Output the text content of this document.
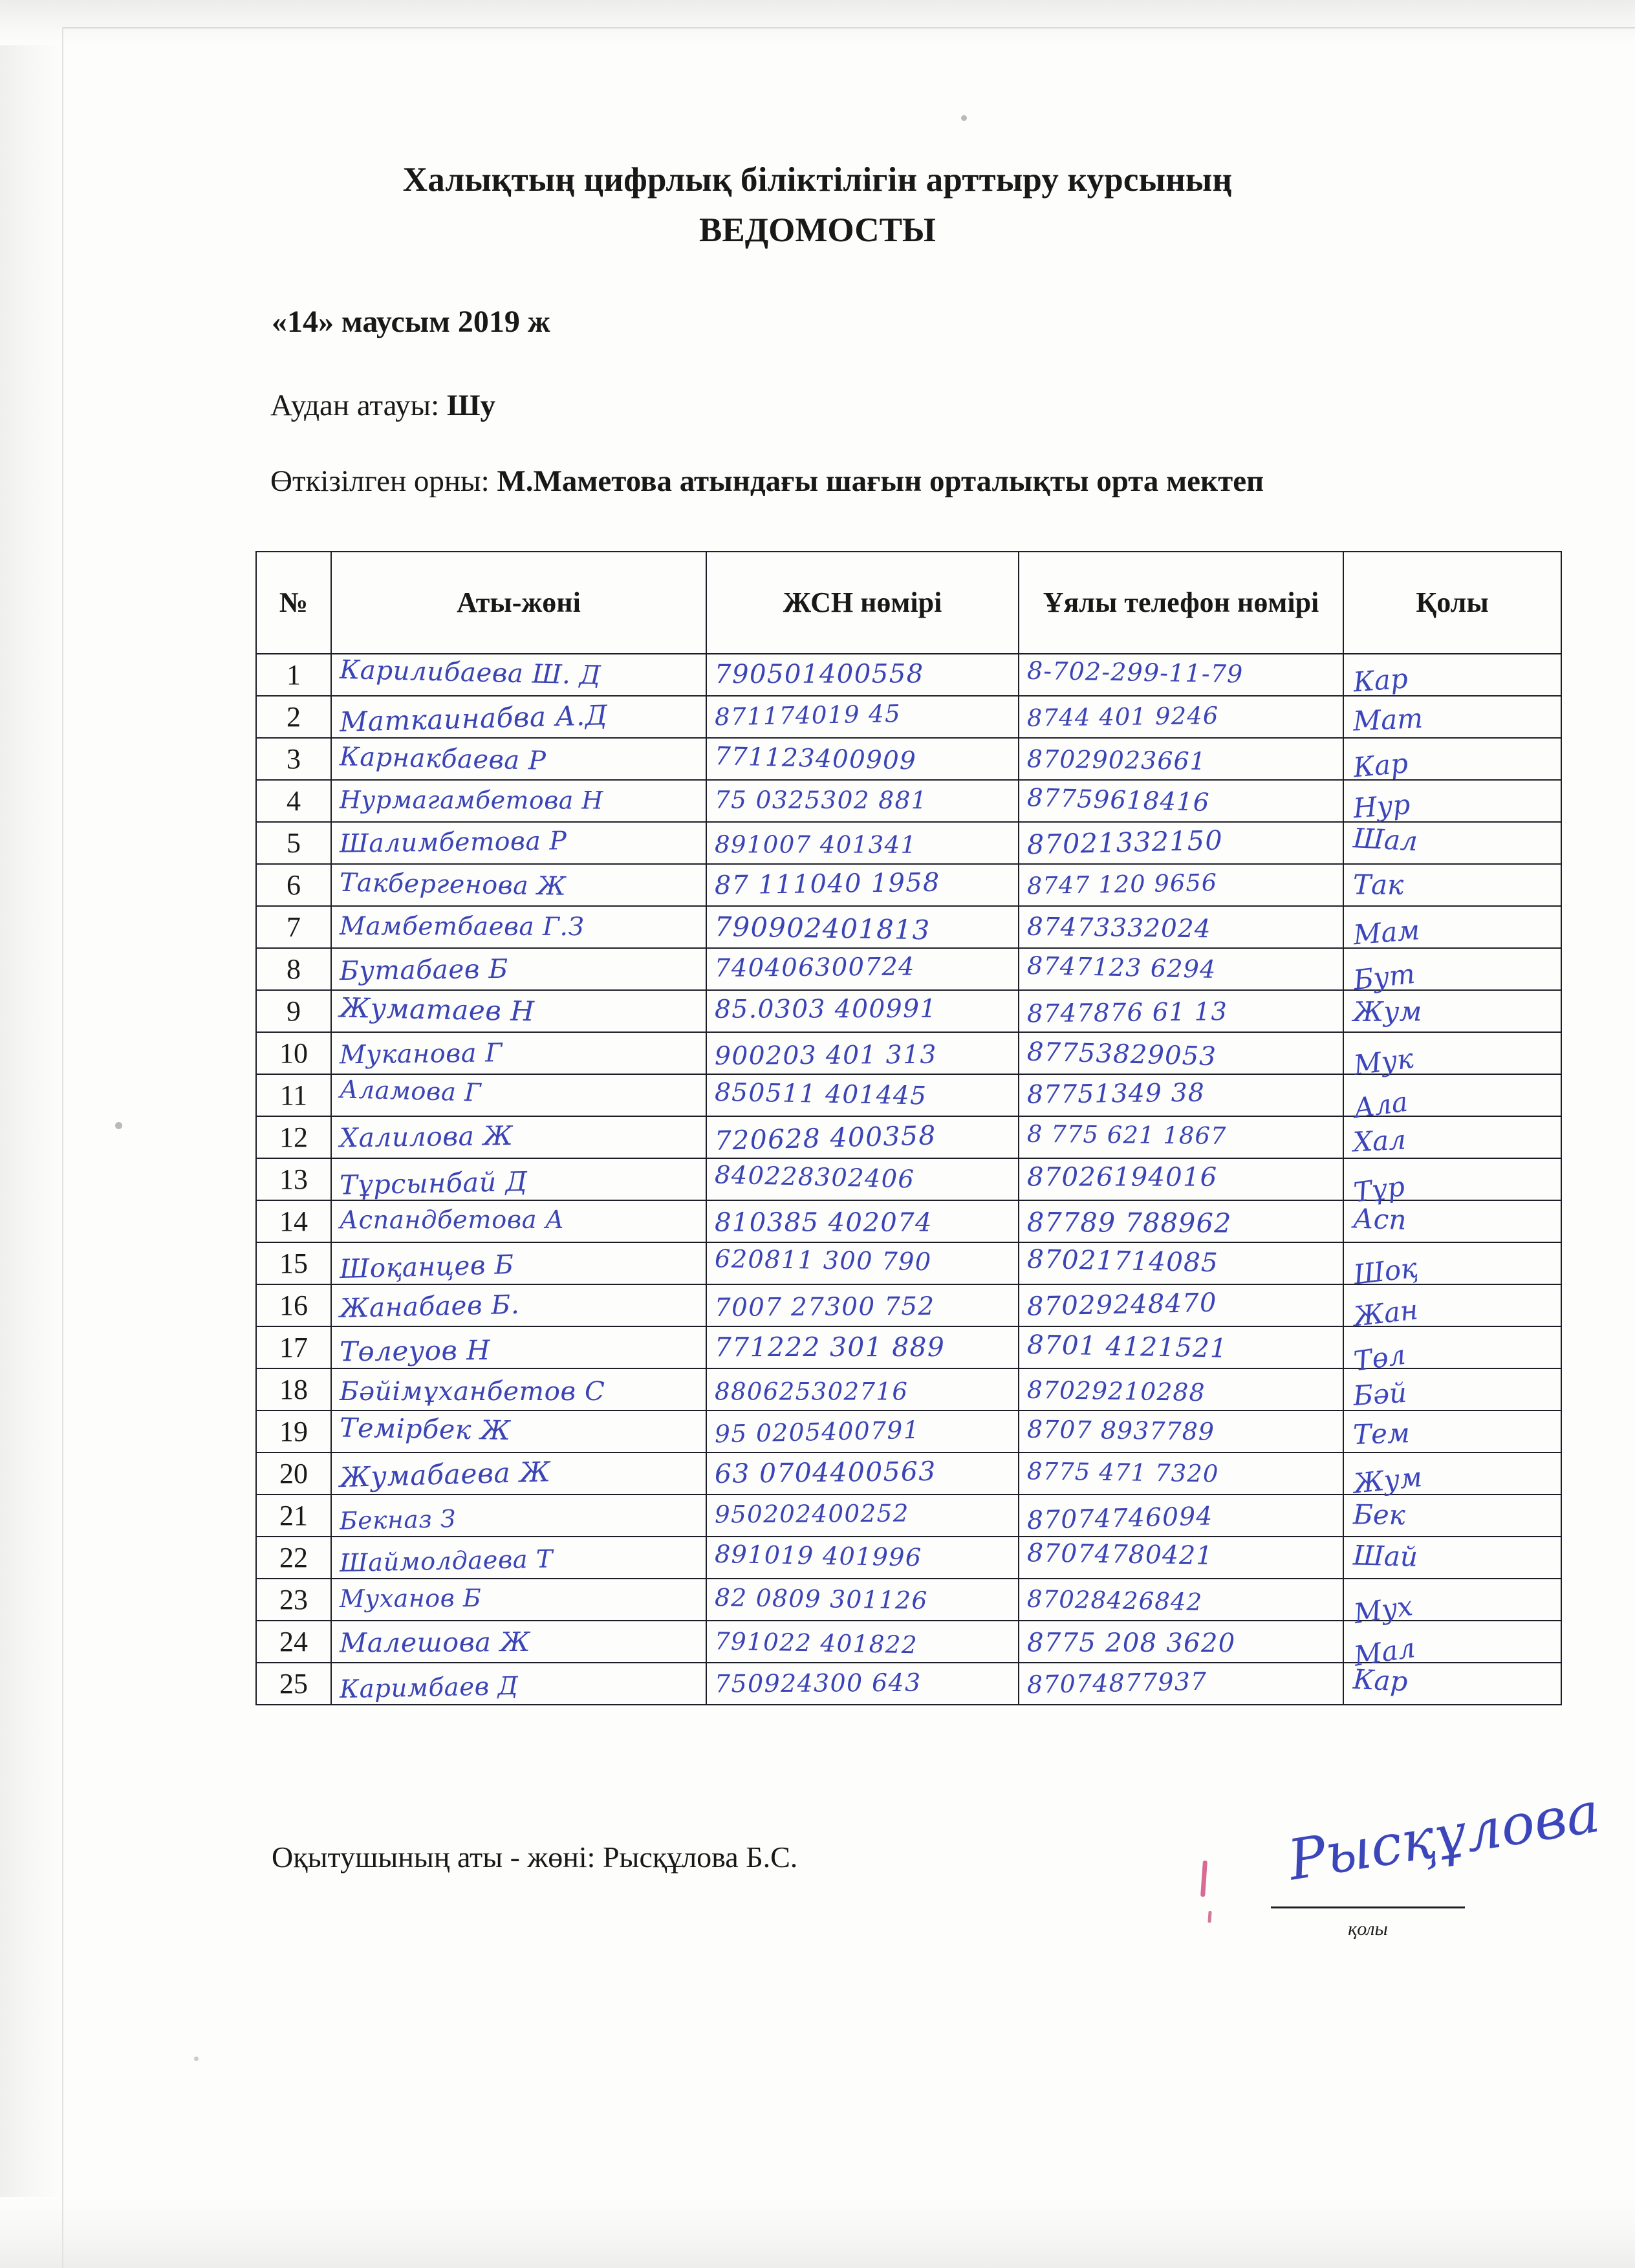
Халықтың цифрлық біліктілігін арттыру курсының
ВЕДОМОСТЫ
«14» маусым 2019 ж
Аудан атауы: Шу
Өткізілген орны: М.Маметова атындағы шағын орталықты орта мектеп
№	Аты-жөні	ЖСН нөмірі	Ұялы телефон нөмірі	Қолы
1	Карилибаева Ш. Д	790501400558	8-702-299-11-79	Кар

2	Маткаинабва А.Д	871174019 45	8744 401 9246	Мат

3	Карнакбаева Р	771123400909	87029023661	Кар

4	Нурмагамбетова Н	75 0325302 881	87759618416	Нур

5	Шалимбетова Р	891007 401341	87021332150	Шал

6	Такбергенова Ж	87 111040 1958	8747 120 9656	Так

7	Мамбетбаева Г.З	790902401813	87473332024	Мам

8	Бутабаев Б	740406300724	8747123 6294	Бут

9	Жуматаев Н	85.0303 400991	8747876 61 13	Жум

10	Муканова Г	900203 401 313	87753829053	Мук

11	Аламова Г	850511 401445	87751349 38	Ала

12	Халилова Ж	720628 400358	8 775 621 1867	Хал

13	Тұрсынбай Д	840228302406	87026194016	Тұр

14	Аспандбетова А	810385 402074	87789 788962	Асп

15	Шоқанцев Б	620811 300 790	87021714085	Шоқ

16	Жанабаев Б.	7007 27300 752	87029248470	Жан

17	Төлеуов Н	771222 301 889	8701 4121521	Төл

18	Бәйімұханбетов С	880625302716	87029210288	Бәй

19	Темірбек Ж	95 0205400791	8707 8937789	Тем

20	Жумабаева Ж	63 0704400563	8775 471 7320	Жум

21	Бекназ З	950202400252	87074746094	Бек

22	Шаймолдаева Т	891019 401996	87074780421	Шай

23	Муханов Б	82 0809 301126	87028426842	Мух

24	Малешова Ж	791022 401822	8775 208 3620	Мал

25	Каримбаев Д	750924300 643	87074877937	Кар
Оқытушының аты - жөні: Рысқұлова Б.С.	Рысқұлова
қолы
